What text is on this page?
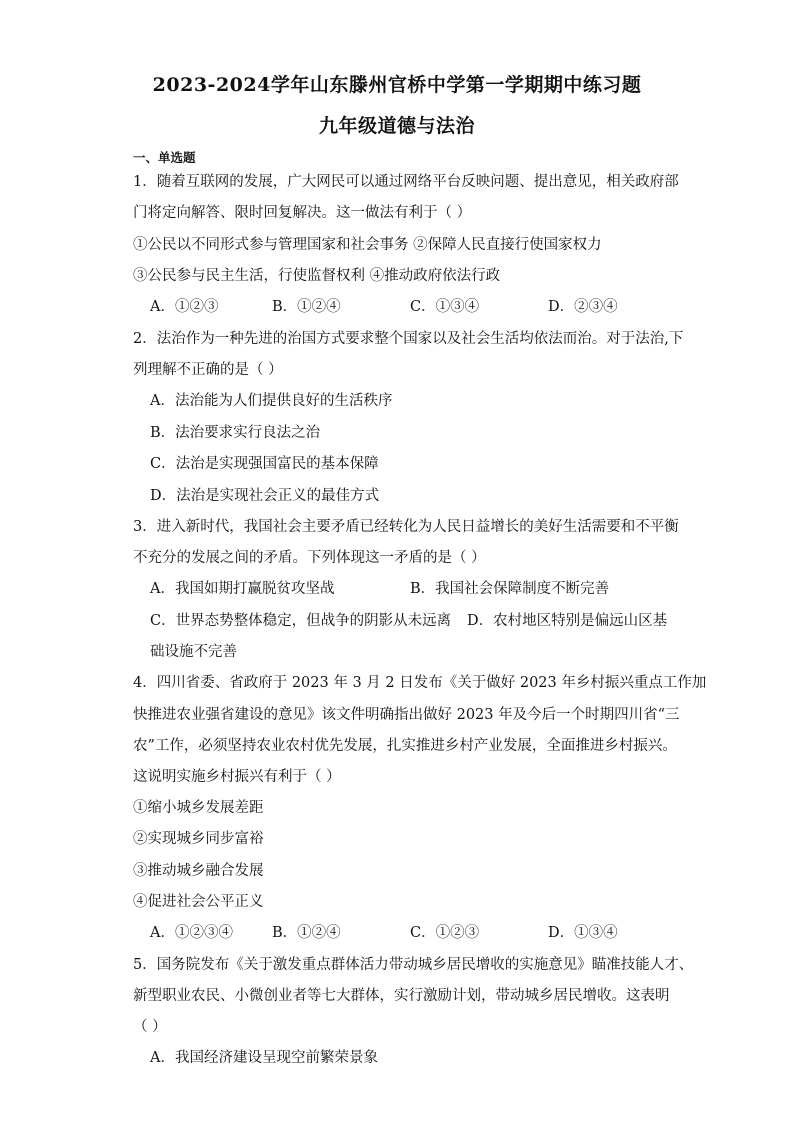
2023-2024学年山东滕州官桥中学第一学期期中练习题
九年级道德与法治
一、单选题
1．随着互联网的发展，广大网民可以通过网络平台反映问题、提出意见，相关政府部
门将定向解答、限时回复解决。这一做法有利于（ ）
①公民以不同形式参与管理国家和社会事务 ②保障人民直接行使国家权力
③公民参与民主生活，行使监督权利 ④推动政府依法行政
A．①②③	B．①②④	C．①③④	D．②③④
2．法治作为一种先进的治国方式要求整个国家以及社会生活均依法而治。对于法治,下
列理解不正确的是（ ）
A．法治能为人们提供良好的生活秩序
B．法治要求实行良法之治
C．法治是实现强国富民的基本保障
D．法治是实现社会正义的最佳方式
3．进入新时代，我国社会主要矛盾已经转化为人民日益增长的美好生活需要和不平衡
不充分的发展之间的矛盾。下列体现这一矛盾的是（ ）
A．我国如期打赢脱贫攻坚战	B．我国社会保障制度不断完善
C．世界态势整体稳定，但战争的阴影从未远离 D．农村地区特别是偏远山区基
础设施不完善
4．四川省委、省政府于 2023 年 3 月 2 日发布《关于做好 2023 年乡村振兴重点工作加
快推进农业强省建设的意见》该文件明确指出做好 2023 年及今后一个时期四川省“三
农”工作，必须坚持农业农村优先发展，扎实推进乡村产业发展，全面推进乡村振兴。
这说明实施乡村振兴有利于（ ）
①缩小城乡发展差距
②实现城乡同步富裕
③推动城乡融合发展
④促进社会公平正义
A．①②③④	B．①②④	C．①②③	D．①③④
5．国务院发布《关于激发重点群体活力带动城乡居民增收的实施意见》瞄准技能人才、
新型职业农民、小微创业者等七大群体，实行激励计划，带动城乡居民增收。这表明
（ ）
A．我国经济建设呈现空前繁荣景象
